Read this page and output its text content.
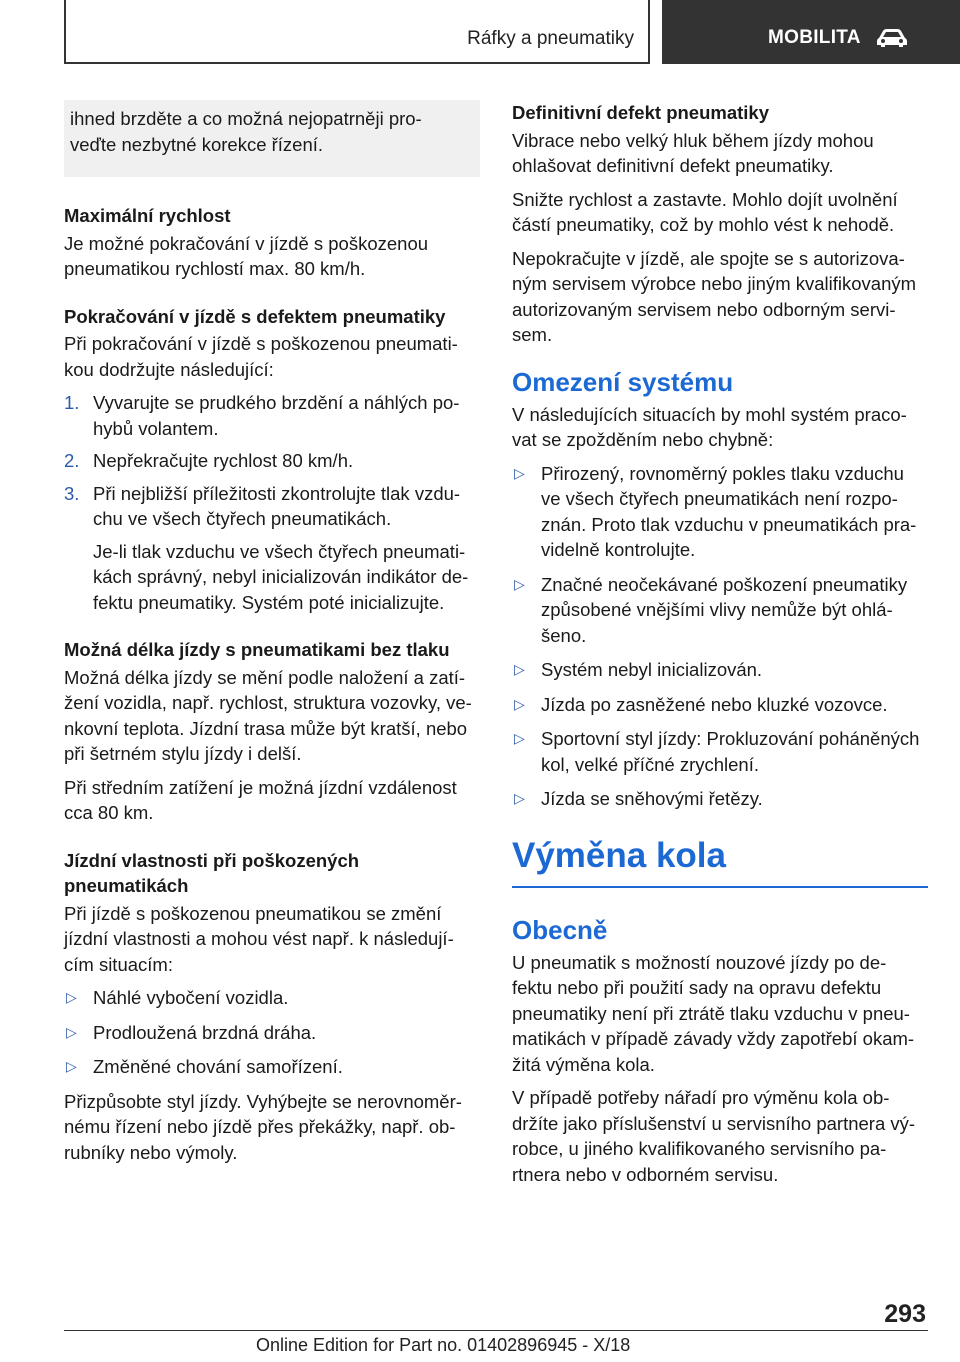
Ráfky a pneumatiky	MOBILITA
ihned brzděte a co možná nejopatrněji pro‐ veďte nezbytné korekce řízení.

Maximální rychlost

Je možné pokračování v jízdě s poškozenou pneumatikou rychlostí max. 80 km/h.

Pokračování v jízdě s defektem pneumatiky

Při pokračování v jízdě s poškozenou pneumati‐ kou dodržujte následující:

1. Vyvarujte se prudkého brzdění a náhlých po‐ hybů volantem.
2. Nepřekračujte rychlost 80 km/h.
3. Při nejbližší příležitosti zkontrolujte tlak vzdu‐ chu ve všech čtyřech pneumatikách.

Je-li tlak vzduchu ve všech čtyřech pneumati‐ kách správný, nebyl inicializován indikátor de‐ fektu pneumatiky. Systém poté inicializujte.

Možná délka jízdy s pneumatikami bez tlaku

Možná délka jízdy se mění podle naložení a zatí‐ žení vozidla, např. rychlost, struktura vozovky, ve‐ nkovní teplota. Jízdní trasa může být kratší, nebo při šetrném stylu jízdy i delší.

Při středním zatížení je možná jízdní vzdálenost cca 80 km.

Jízdní vlastnosti při poškozených pneumatikách

Při jízdě s poškozenou pneumatikou se změní jízdní vlastnosti a mohou vést např. k následují‐ cím situacím:

▷ Náhlé vybočení vozidla.
▷ Prodloužená brzdná dráha.
▷ Změněné chování samořízení.

Přizpůsobte styl jízdy. Vyhýbejte se nerovnoměr‐ nému řízení nebo jízdě přes překážky, např. ob‐ rubníky nebo výmoly.

Definitivní defekt pneumatiky

Vibrace nebo velký hluk během jízdy mohou ohlašovat definitivní defekt pneumatiky.

Snižte rychlost a zastavte. Mohlo dojít uvolnění částí pneumatiky, což by mohlo vést k nehodě.

Nepokračujte v jízdě, ale spojte se s autorizova‐ ným servisem výrobce nebo jiným kvalifikovaným autorizovaným servisem nebo odborným servi‐ sem.

Omezení systému

V následujících situacích by mohl systém praco‐ vat se zpožděním nebo chybně:

▷ Přirozený, rovnoměrný pokles tlaku vzduchu ve všech čtyřech pneumatikách není rozpo‐ znán. Proto tlak vzduchu v pneumatikách pra‐ videlně kontrolujte.
▷ Značné neočekávané poškození pneumatiky způsobené vnějšími vlivy nemůže být ohlá‐ šeno.
▷ Systém nebyl inicializován.
▷ Jízda po zasněžené nebo kluzké vozovce.
▷ Sportovní styl jízdy: Prokluzování poháněných kol, velké příčné zrychlení.
▷ Jízda se sněhovými řetězy.
Výměna kola
Obecně

U pneumatik s možností nouzové jízdy po de‐ fektu nebo při použití sady na opravu defektu pneumatiky není při ztrátě tlaku vzduchu v pneu‐ matikách v případě závady vždy zapotřebí okam‐ žitá výměna kola.

V případě potřeby nářadí pro výměnu kola ob‐ držíte jako příslušenství u servisního partnera vý‐ robce, u jiného kvalifikovaného servisního pa‐ rtnera nebo v odborném servisu.

293
Online Edition for Part no. 01402896945 - X/18
